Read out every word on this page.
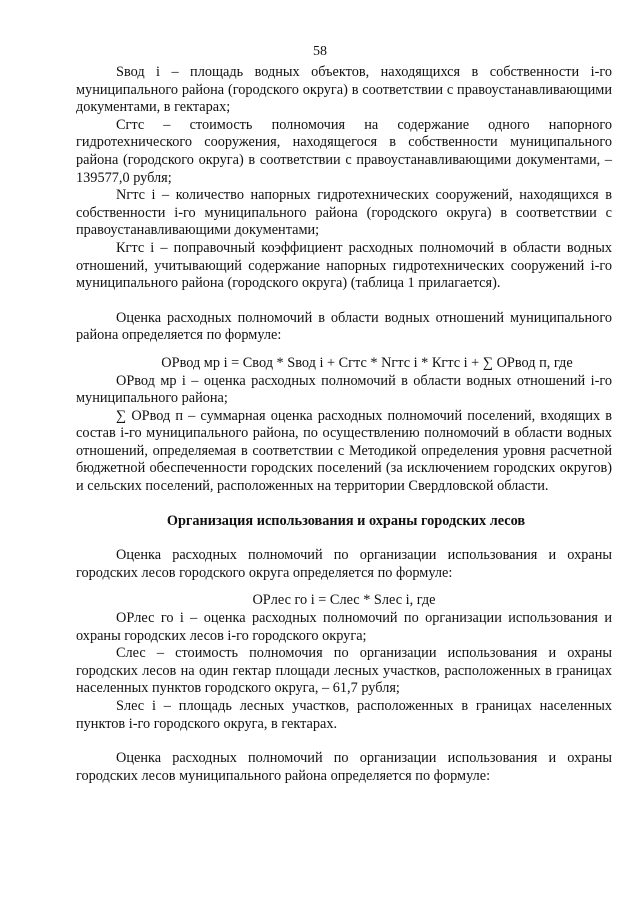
58

Sвод i – площадь водных объектов, находящихся в собственности i-го муниципального района (городского округа) в соответствии с правоустанавливающими документами, в гектарах;

Сгтс – стоимость полномочия на содержание одного напорного гидротехнического сооружения, находящегося в собственности муниципального района (городского округа) в соответствии с правоустанавливающими документами, – 139577,0 рубля;

Nгтс i – количество напорных гидротехнических сооружений, находящихся в собственности i-го муниципального района (городского округа) в соответствии с правоустанавливающими документами;

Кгтс i – поправочный коэффициент расходных полномочий в области водных отношений, учитывающий содержание напорных гидротехнических сооружений i-го муниципального района (городского округа) (таблица 1 прилагается).

Оценка расходных полномочий в области водных отношений муниципального района определяется по формуле:

ОРвод мр i = Свод * Sвод i + Сгтс * Nгтс i * Кгтс i + ∑ ОРвод п, где

ОРвод мр i – оценка расходных полномочий в области водных отношений i-го муниципального района;

∑ ОРвод п – суммарная оценка расходных полномочий поселений, входящих в состав i-го муниципального района, по осуществлению полномочий в области водных отношений, определяемая в соответствии с Методикой определения уровня расчетной бюджетной обеспеченности городских поселений (за исключением городских округов) и сельских поселений, расположенных на территории Свердловской области.

Организация использования и охраны городских лесов

Оценка расходных полномочий по организации использования и охраны городских лесов городского округа определяется по формуле:

ОРлес го i = Слес * Sлес i, где

ОРлес го i – оценка расходных полномочий по организации использования и охраны городских лесов i-го городского округа;

Слес – стоимость полномочия по организации использования и охраны городских лесов на один гектар площади лесных участков, расположенных в границах населенных пунктов городского округа, – 61,7 рубля;

Sлес i – площадь лесных участков, расположенных в границах населенных пунктов i-го городского округа, в гектарах.

Оценка расходных полномочий по организации использования и охраны городских лесов муниципального района определяется по формуле:
